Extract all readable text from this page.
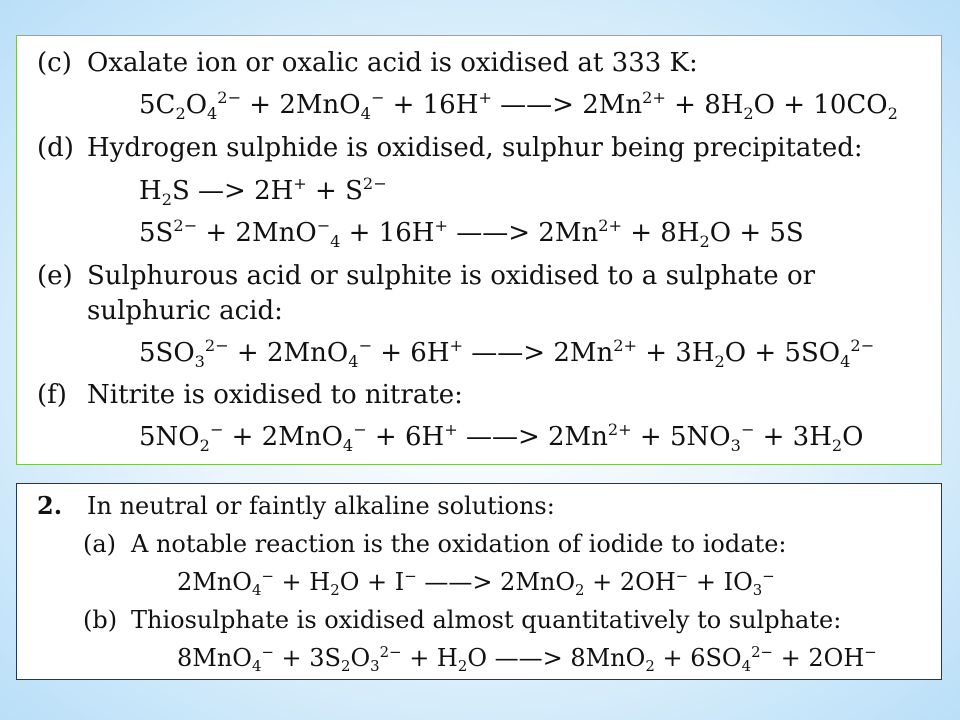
(c) Oxalate ion or oxalic acid is oxidised at 333 K:
$5C_2O_4^{2-} + 2MnO_4^- + 16H^+$ ——> $2Mn^{2+} + 8H_2O + 10CO_2$
(d) Hydrogen sulphide is oxidised, sulphur being precipitated:
$H_2S$ —> $2H^+ + S^{2-}$
$5S^{2-} + 2MnO^-_4 + 16H^+$ ——> $2Mn^{2+} + 8H_2O + 5S$
(e) Sulphurous acid or sulphite is oxidised to a sulphate or
sulphuric acid:
$5SO_3^{2-} + 2MnO_4^- + 6H^+$ ——> $2Mn^{2+} + 3H_2O + 5SO_4^{2-}$
(f) Nitrite is oxidised to nitrate:
$5NO_2^- + 2MnO_4^- + 6H^+$ ——> $2Mn^{2+} + 5NO_3^- + 3H_2O$
2. In neutral or faintly alkaline solutions:
(a) A notable reaction is the oxidation of iodide to iodate:
$2MnO_4^- + H_2O + I^-$ ——> $2MnO_2 + 2OH^- + IO_3^-$
(b) Thiosulphate is oxidised almost quantitatively to sulphate:
$8MnO_4^- + 3S_2O_3^{2-} + H_2O$ ——> $8MnO_2 + 6SO_4^{2-} + 2OH^-$
